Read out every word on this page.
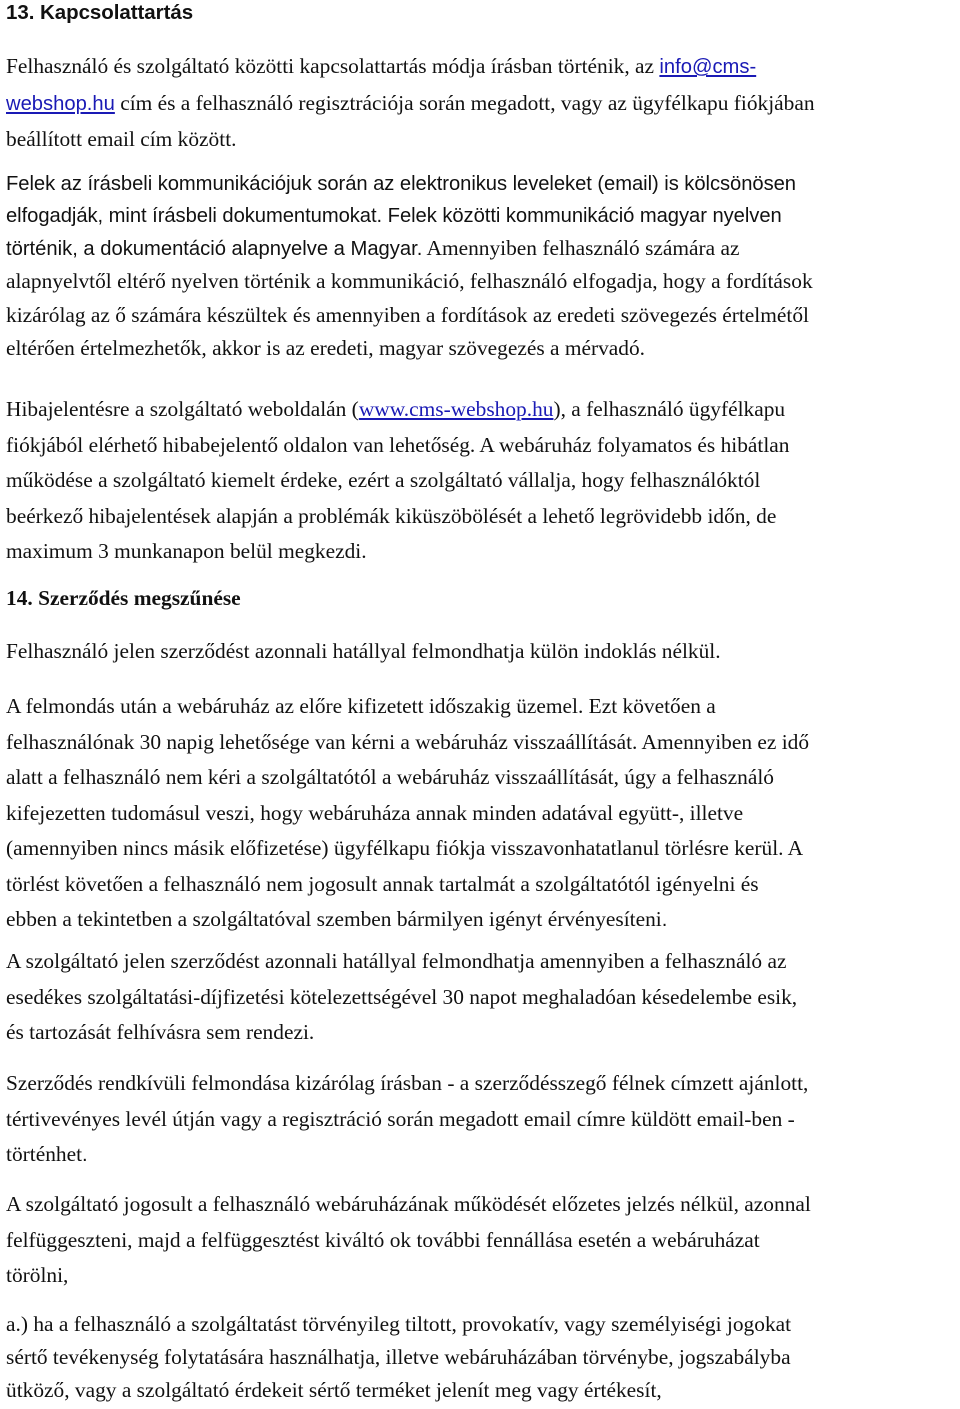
13. Kapcsolattartás
Felhasználó és szolgáltató közötti kapcsolattartás módja írásban történik, az info@cms-
webshop.hu cím és a felhasználó regisztrációja során megadott, vagy az ügyfélkapu fiókjában
beállított email cím között.
Felek az írásbeli kommunikációjuk során az elektronikus leveleket (email) is kölcsönösen
elfogadják, mint írásbeli dokumentumokat. Felek közötti kommunikáció magyar nyelven
történik, a dokumentáció alapnyelve a Magyar. Amennyiben felhasználó számára az
alapnyelvtől eltérő nyelven történik a kommunikáció, felhasználó elfogadja, hogy a fordítások
kizárólag az ő számára készültek és amennyiben a fordítások az eredeti szövegezés értelmétől
eltérően értelmezhetők, akkor is az eredeti, magyar szövegezés a mérvadó.
Hibajelentésre a szolgáltató weboldalán (www.cms-webshop.hu), a felhasználó ügyfélkapu
fiókjából elérhető hibabejelentő oldalon van lehetőség. A webáruház folyamatos és hibátlan
működése a szolgáltató kiemelt érdeke, ezért a szolgáltató vállalja, hogy felhasználóktól
beérkező hibajelentések alapján a problémák kiküszöbölését a lehető legrövidebb időn, de
maximum 3 munkanapon belül megkezdi.
14. Szerződés megszűnése
Felhasználó jelen szerződést azonnali hatállyal felmondhatja külön indoklás nélkül.
A felmondás után a webáruház az előre kifizetett időszakig üzemel. Ezt követően a
felhasználónak 30 napig lehetősége van kérni a webáruház visszaállítását. Amennyiben ez idő
alatt a felhasználó nem kéri a szolgáltatótól a webáruház visszaállítását, úgy a felhasználó
kifejezetten tudomásul veszi, hogy webáruháza annak minden adatával együtt-, illetve
(amennyiben nincs másik előfizetése) ügyfélkapu fiókja visszavonhatatlanul törlésre kerül. A
törlést követően a felhasználó nem jogosult annak tartalmát a szolgáltatótól igényelni és
ebben a tekintetben a szolgáltatóval szemben bármilyen igényt érvényesíteni.
A szolgáltató jelen szerződést azonnali hatállyal felmondhatja amennyiben a felhasználó az
esedékes szolgáltatási-díjfizetési kötelezettségével 30 napot meghaladóan késedelembe esik,
és tartozását felhívásra sem rendezi.
Szerződés rendkívüli felmondása kizárólag írásban - a szerződésszegő félnek címzett ajánlott,
tértivevényes levél útján vagy a regisztráció során megadott email címre küldött email-ben -
történhet.
A szolgáltató jogosult a felhasználó webáruházának működését előzetes jelzés nélkül, azonnal
felfüggeszteni, majd a felfüggesztést kiváltó ok további fennállása esetén a webáruházat
törölni,
a.) ha a felhasználó a szolgáltatást törvényileg tiltott, provokatív, vagy személyiségi jogokat
sértő tevékenység folytatására használhatja, illetve webáruházában törvénybe, jogszabályba
ütköző, vagy a szolgáltató érdekeit sértő terméket jelenít meg vagy értékesít,
